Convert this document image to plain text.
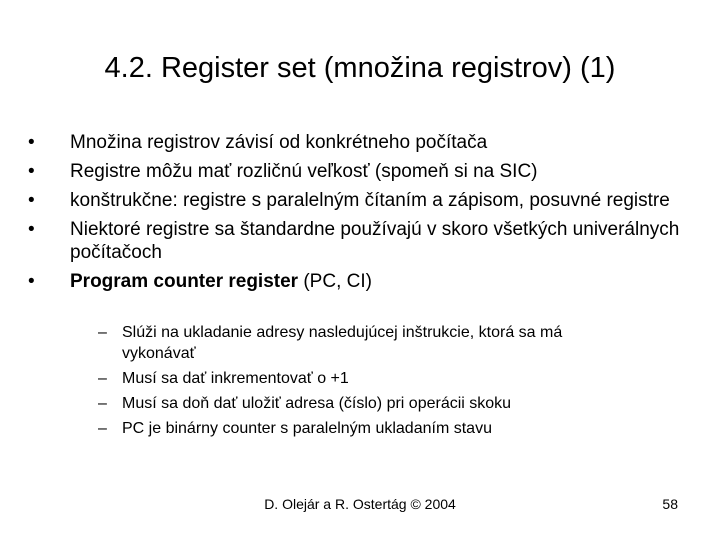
4.2. Register set (množina registrov) (1)
•	Množina registrov závisí od konkrétneho počítača
•	Registre môžu mať rozličnú veľkosť (spomeň si na SIC)
•	konštrukčne: registre s paralelným čítaním a zápisom, posuvné registre
•	Niektoré registre sa štandardne používajú v skoro všetkých univerálnych počítačoch
•	Program counter register (PC, CI)
– Slúži na ukladanie adresy nasledujúcej inštrukcie, ktorá sa má vykonávať
– Musí sa dať inkrementovať o +1
– Musí sa doň dať uložiť adresa (číslo) pri operácii skoku
– PC je binárny counter s paralelným ukladaním stavu
D. Olejár a R. Ostertág © 2004	58
